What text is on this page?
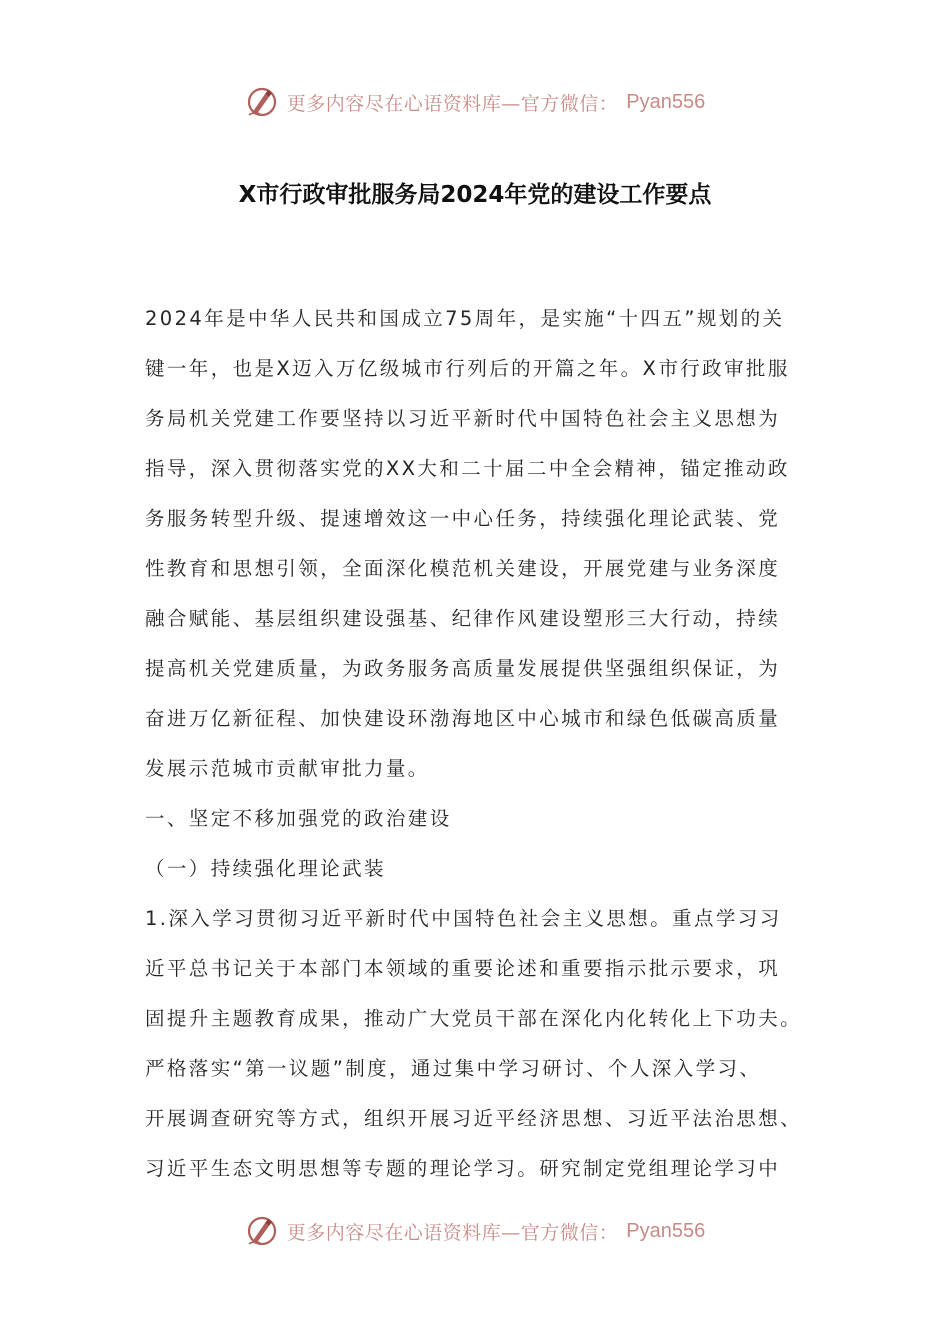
更多内容尽在心语资料库—官方微信： Pyan556
X市行政审批服务局2024年党的建设工作要点
2024年是中华人民共和国成立75周年，是实施“十四五”规划的关
键一年，也是X迈入万亿级城市行列后的开篇之年。X市行政审批服
务局机关党建工作要坚持以习近平新时代中国特色社会主义思想为
指导，深入贯彻落实党的XX大和二十届二中全会精神，锚定推动政
务服务转型升级、提速增效这一中心任务，持续强化理论武装、党
性教育和思想引领，全面深化模范机关建设，开展党建与业务深度
融合赋能、基层组织建设强基、纪律作风建设塑形三大行动，持续
提高机关党建质量，为政务服务高质量发展提供坚强组织保证，为
奋进万亿新征程、加快建设环渤海地区中心城市和绿色低碳高质量
发展示范城市贡献审批力量。
一、坚定不移加强党的政治建设
（一）持续强化理论武装
1.深入学习贯彻习近平新时代中国特色社会主义思想。重点学习习
近平总书记关于本部门本领域的重要论述和重要指示批示要求，巩
固提升主题教育成果，推动广大党员干部在深化内化转化上下功夫。
严格落实“第一议题”制度，通过集中学习研讨、个人深入学习、
开展调查研究等方式，组织开展习近平经济思想、习近平法治思想、
习近平生态文明思想等专题的理论学习。研究制定党组理论学习中
更多内容尽在心语资料库—官方微信： Pyan556
